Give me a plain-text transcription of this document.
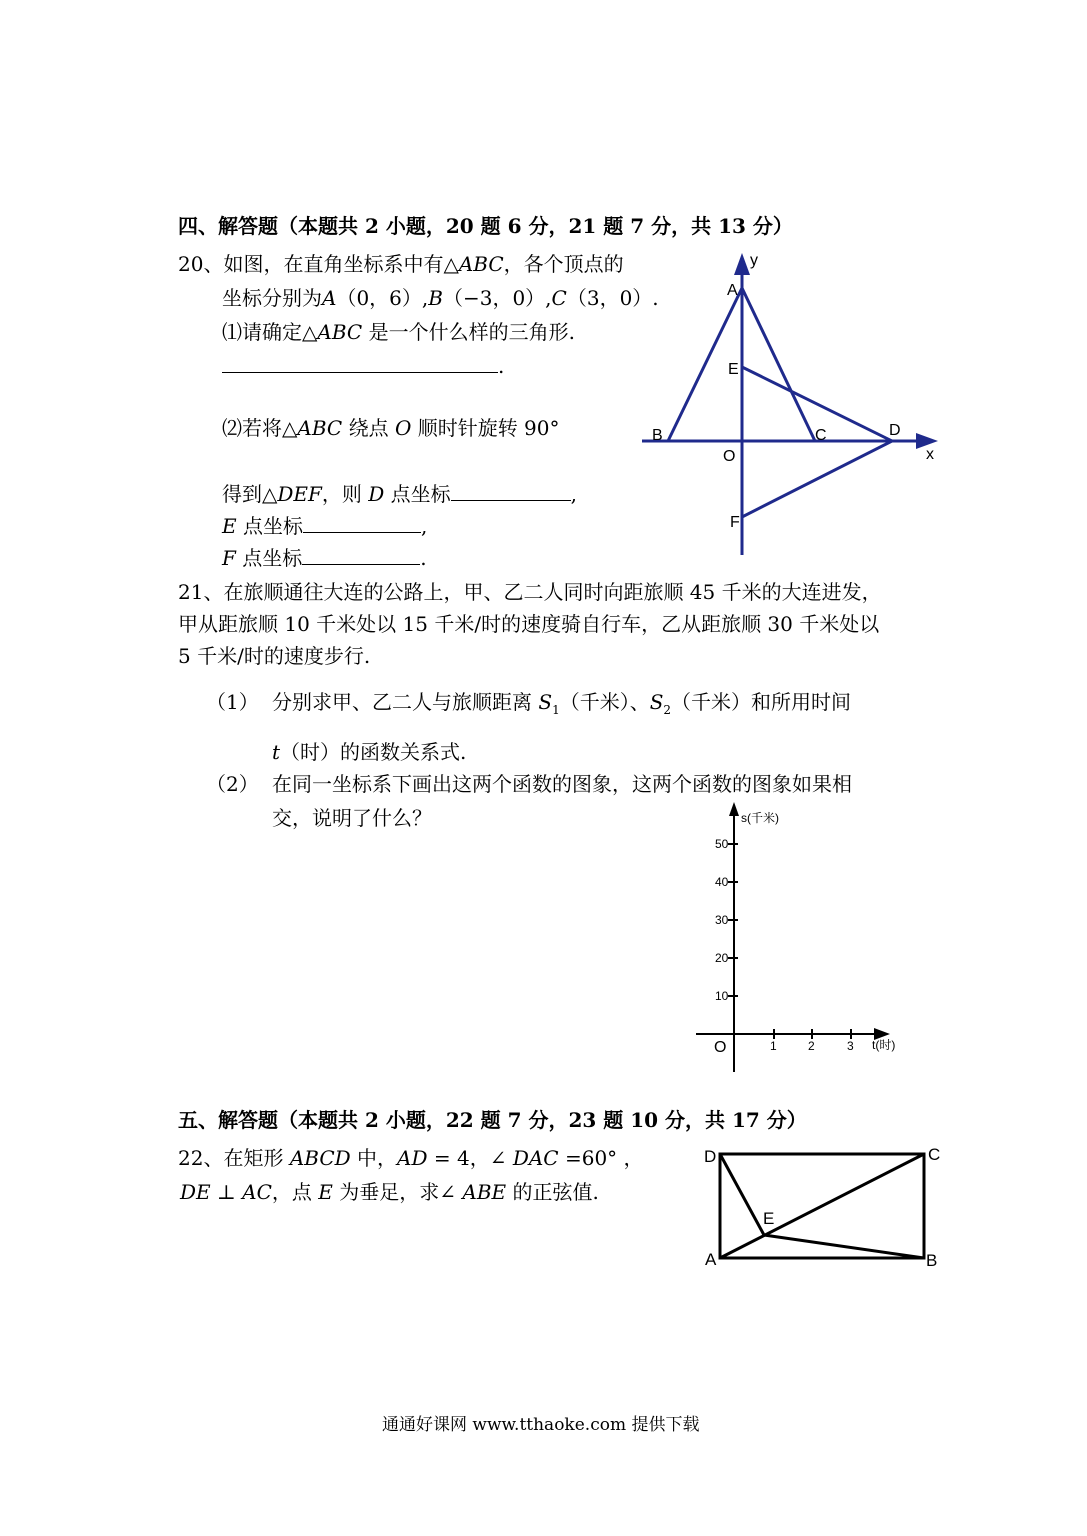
四、解答题（本题共 2 小题，20 题 6 分，21 题 7 分，共 13 分）
20、如图，在直角坐标系中有△ABC，各个顶点的
坐标分别为A（0，6）,B（−3，0）,C（3，0）.
⑴请确定△ABC 是一个什么样的三角形.
.
⑵若将△ABC 绕点 O 顺时针旋转 90°
得到△DEF，则 D 点坐标	,
E 点坐标	,
F 点坐标	.
y
x
A
B	C	D
E
F
O
21、在旅顺通往大连的公路上，甲、乙二人同时向距旅顺 45 千米的大连进发，
甲从距旅顺 10 千米处以 15 千米/时的速度骑自行车，乙从距旅顺 30 千米处以
5 千米/时的速度步行.
（1） 分别求甲、乙二人与旅顺距离 $S_1$（千米）、$S_2$（千米）和所用时间
t（时）的函数关系式.
（2） 在同一坐标系下画出这两个函数的图象，这两个函数的图象如果相
交，说明了什么？	s(千米)
t(时)
10
20
30
40
50
1	2	3
O
五、解答题（本题共 2 小题，22 题 7 分，23 题 10 分，共 17 分）
22、在矩形 ABCD 中，AD = 4，∠ DAC =60° ，
DE ⊥ AC，点 E 为垂足，求∠ ABE 的正弦值.
D	C
A	B
E
通通好课网 www.tthaoke.com 提供下载
